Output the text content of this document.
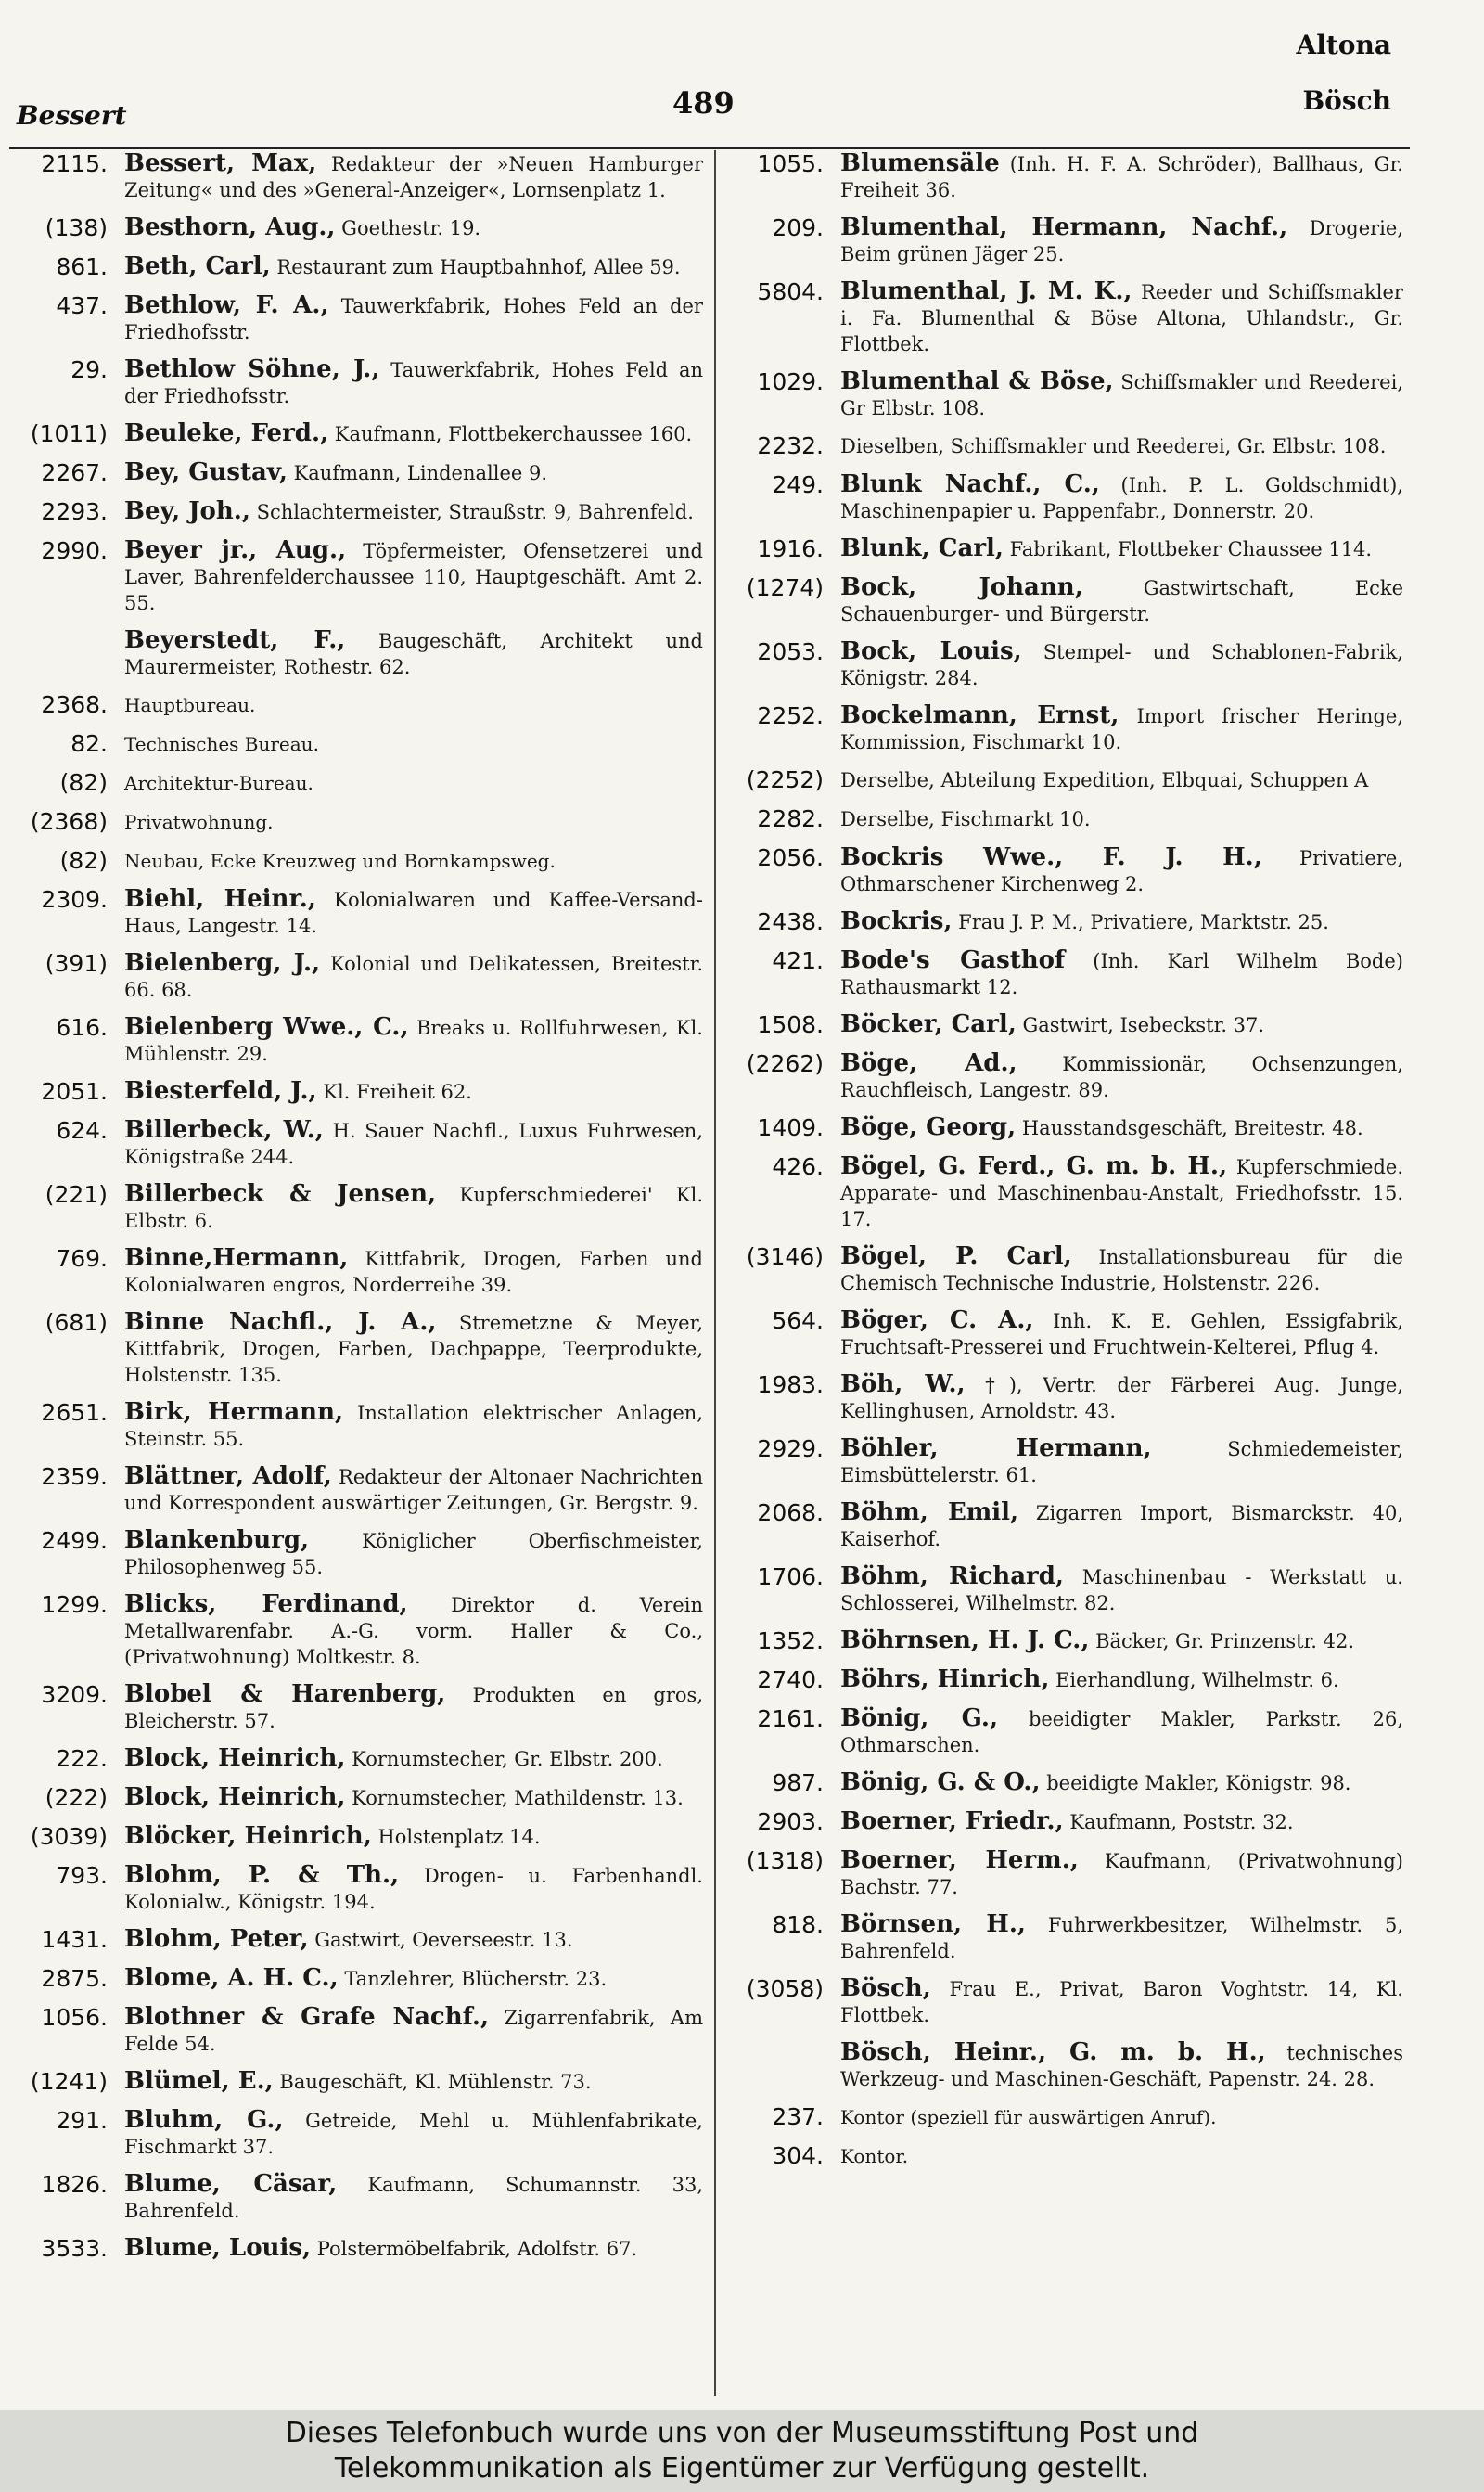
Altona
Bessert	489	Bösch
2115. Bessert, Max, Redakteur der »Neuen Hamburger Zeitung« und des »General-Anzeiger«, Lornsenplatz 1.
(138) Besthorn, Aug., Goethestr. 19.
861. Beth, Carl, Restaurant zum Hauptbahnhof, Allee 59.
437. Bethlow, F. A., Tauwerkfabrik, Hohes Feld an der Friedhofsstr.
29. Bethlow Söhne, J., Tauwerkfabrik, Hohes Feld an der Friedhofsstr.
(1011) Beuleke, Ferd., Kaufmann, Flottbekerchaussee 160.
2267. Bey, Gustav, Kaufmann, Lindenallee 9.
2293. Bey, Joh., Schlachtermeister, Straußstr. 9, Bahrenfeld.
2990. Beyer jr., Aug., Töpfermeister, Ofensetzerei und Laver, Bahrenfelderchaussee 110, Hauptgeschäft. Amt 2. 55.
Beyerstedt, F., Baugeschäft, Architekt und Maurermeister, Rothestr. 62.
2368. Hauptbureau.
82. Technisches Bureau.
(82) Architektur-Bureau.
(2368) Privatwohnung.
(82) Neubau, Ecke Kreuzweg und Bornkampsweg.
2309. Biehl, Heinr., Kolonialwaren und Kaffee-Versand-Haus, Langestr. 14.
(391) Bielenberg, J., Kolonial und Delikatessen, Breitestr. 66. 68.
616. Bielenberg Wwe., C., Breaks u. Rollfuhrwesen, Kl. Mühlenstr. 29.
2051. Biesterfeld, J., Kl. Freiheit 62.
624. Billerbeck, W., H. Sauer Nachfl., Luxus Fuhrwesen, Königstraße 244.
(221) Billerbeck & Jensen, Kupferschmiederei' Kl. Elbstr. 6.
769. Binne,Hermann, Kittfabrik, Drogen, Farben und Kolonialwaren engros, Norderreihe 39.
(681) Binne Nachfl., J. A., Stremetzne & Meyer, Kittfabrik, Drogen, Farben, Dachpappe, Teerprodukte, Holstenstr. 135.
2651. Birk, Hermann, Installation elektrischer Anlagen, Steinstr. 55.
2359. Blättner, Adolf, Redakteur der Altonaer Nachrichten und Korrespondent auswärtiger Zeitungen, Gr. Bergstr. 9.
2499. Blankenburg,	Königlicher Oberfischmeister, Philosophenweg 55.
1299. Blicks, Ferdinand, Direktor d. Verein Metallwarenfabr. A.-G. vorm. Haller & Co., (Privatwohnung) Moltkestr. 8.
3209. Blobel & Harenberg, Produkten en gros, Bleicherstr. 57.
222. Block, Heinrich, Kornumstecher, Gr. Elbstr. 200.
(222) Block, Heinrich, Kornumstecher, Mathildenstr. 13.
(3039) Blöcker, Heinrich, Holstenplatz 14.
793. Blohm, P. & Th., Drogen- u. Farbenhandl. Kolonialw., Königstr. 194.
1431. Blohm, Peter, Gastwirt, Oeverseestr. 13.
2875. Blome, A. H. C., Tanzlehrer, Blücherstr. 23.
1056. Blothner & Grafe Nachf., Zigarrenfabrik, Am Felde 54.
(1241) Blümel, E., Baugeschäft, Kl. Mühlenstr. 73.
291. Bluhm, G., Getreide, Mehl u. Mühlenfabrikate, Fischmarkt 37.
1826. Blume, Cäsar, Kaufmann, Schumannstr. 33, Bahrenfeld.
3533. Blume, Louis, Polstermöbelfabrik, Adolfstr. 67.
1055. Blumensäle (Inh. H. F. A. Schröder), Ballhaus, Gr. Freiheit 36.
209. Blumenthal, Hermann, Nachf., Drogerie, Beim grünen Jäger 25.
5804. Blumenthal, J. M. K., Reeder und Schiffsmakler i. Fa. Blumenthal & Böse Altona, Uhlandstr., Gr. Flottbek.
1029. Blumenthal & Böse, Schiffsmakler und Reederei, Gr Elbstr. 108.
2232. Dieselben, Schiffsmakler und Reederei, Gr. Elbstr. 108.
249. Blunk Nachf., C., (Inh. P. L. Goldschmidt), Maschinenpapier u. Pappenfabr., Donnerstr. 20.
1916. Blunk, Carl, Fabrikant, Flottbeker Chaussee 114.
(1274) Bock, Johann,	Gastwirtschaft, Ecke Schauenburger- und Bürgerstr.
2053. Bock, Louis, Stempel- und Schablonen-Fabrik, Königstr. 284.
2252. Bockelmann, Ernst, Import frischer Heringe, Kommission, Fischmarkt 10.
(2252) Derselbe, Abteilung Expedition, Elbquai, Schuppen A
2282. Derselbe, Fischmarkt 10.
2056. Bockris Wwe., F. J. H., Privatiere, Othmarschener Kirchenweg 2.
2438. Bockris, Frau J. P. M., Privatiere, Marktstr. 25.
421. Bode's Gasthof (Inh. Karl Wilhelm Bode) Rathausmarkt 12.
1508. Böcker, Carl, Gastwirt, Isebeckstr. 37.
(2262) Böge, Ad., Kommissionär, Ochsenzungen, Rauchfleisch, Langestr. 89.
1409. Böge, Georg, Hausstandsgeschäft, Breitestr. 48.
426. Bögel, G. Ferd., G. m. b. H., Kupferschmiede. Apparate- und Maschinenbau-Anstalt, Friedhofsstr. 15. 17.
(3146) Bögel, P. Carl, Installationsbureau für die Chemisch Technische Industrie, Holstenstr. 226.
564. Böger, C. A., Inh. K. E. Gehlen, Essigfabrik, Fruchtsaft-Presserei und Fruchtwein-Kelterei, Pflug 4.
1983. Böh, W., †), Vertr. der Färberei Aug. Junge, Kellinghusen, Arnoldstr. 43.
2929. Böhler, Hermann,	Schmiedemeister, Eimsbüttelerstr. 61.
2068. Böhm, Emil, Zigarren Import, Bismarckstr. 40, Kaiserhof.
1706. Böhm, Richard, Maschinenbau - Werkstatt u. Schlosserei, Wilhelmstr. 82.
1352. Böhrnsen, H. J. C., Bäcker, Gr. Prinzenstr. 42.
2740. Böhrs, Hinrich, Eierhandlung, Wilhelmstr. 6.
2161. Bönig, G., beeidigter Makler, Parkstr. 26, Othmarschen.
987. Bönig, G. & O., beeidigte Makler, Königstr. 98.
2903. Boerner, Friedr., Kaufmann, Poststr. 32.
(1318) Boerner, Herm., Kaufmann, (Privatwohnung) Bachstr. 77.
818. Börnsen, H., Fuhrwerkbesitzer, Wilhelmstr. 5, Bahrenfeld.
(3058) Bösch, Frau E., Privat, Baron Voghtstr. 14, Kl. Flottbek.
Bösch, Heinr., G. m. b. H., technisches Werkzeug- und Maschinen-Geschäft, Papenstr. 24. 28.
237. Kontor (speziell für auswärtigen Anruf).
304. Kontor.
Dieses Telefonbuch wurde uns von der Museumsstiftung Post und
Telekommunikation als Eigentümer zur Verfügung gestellt.
